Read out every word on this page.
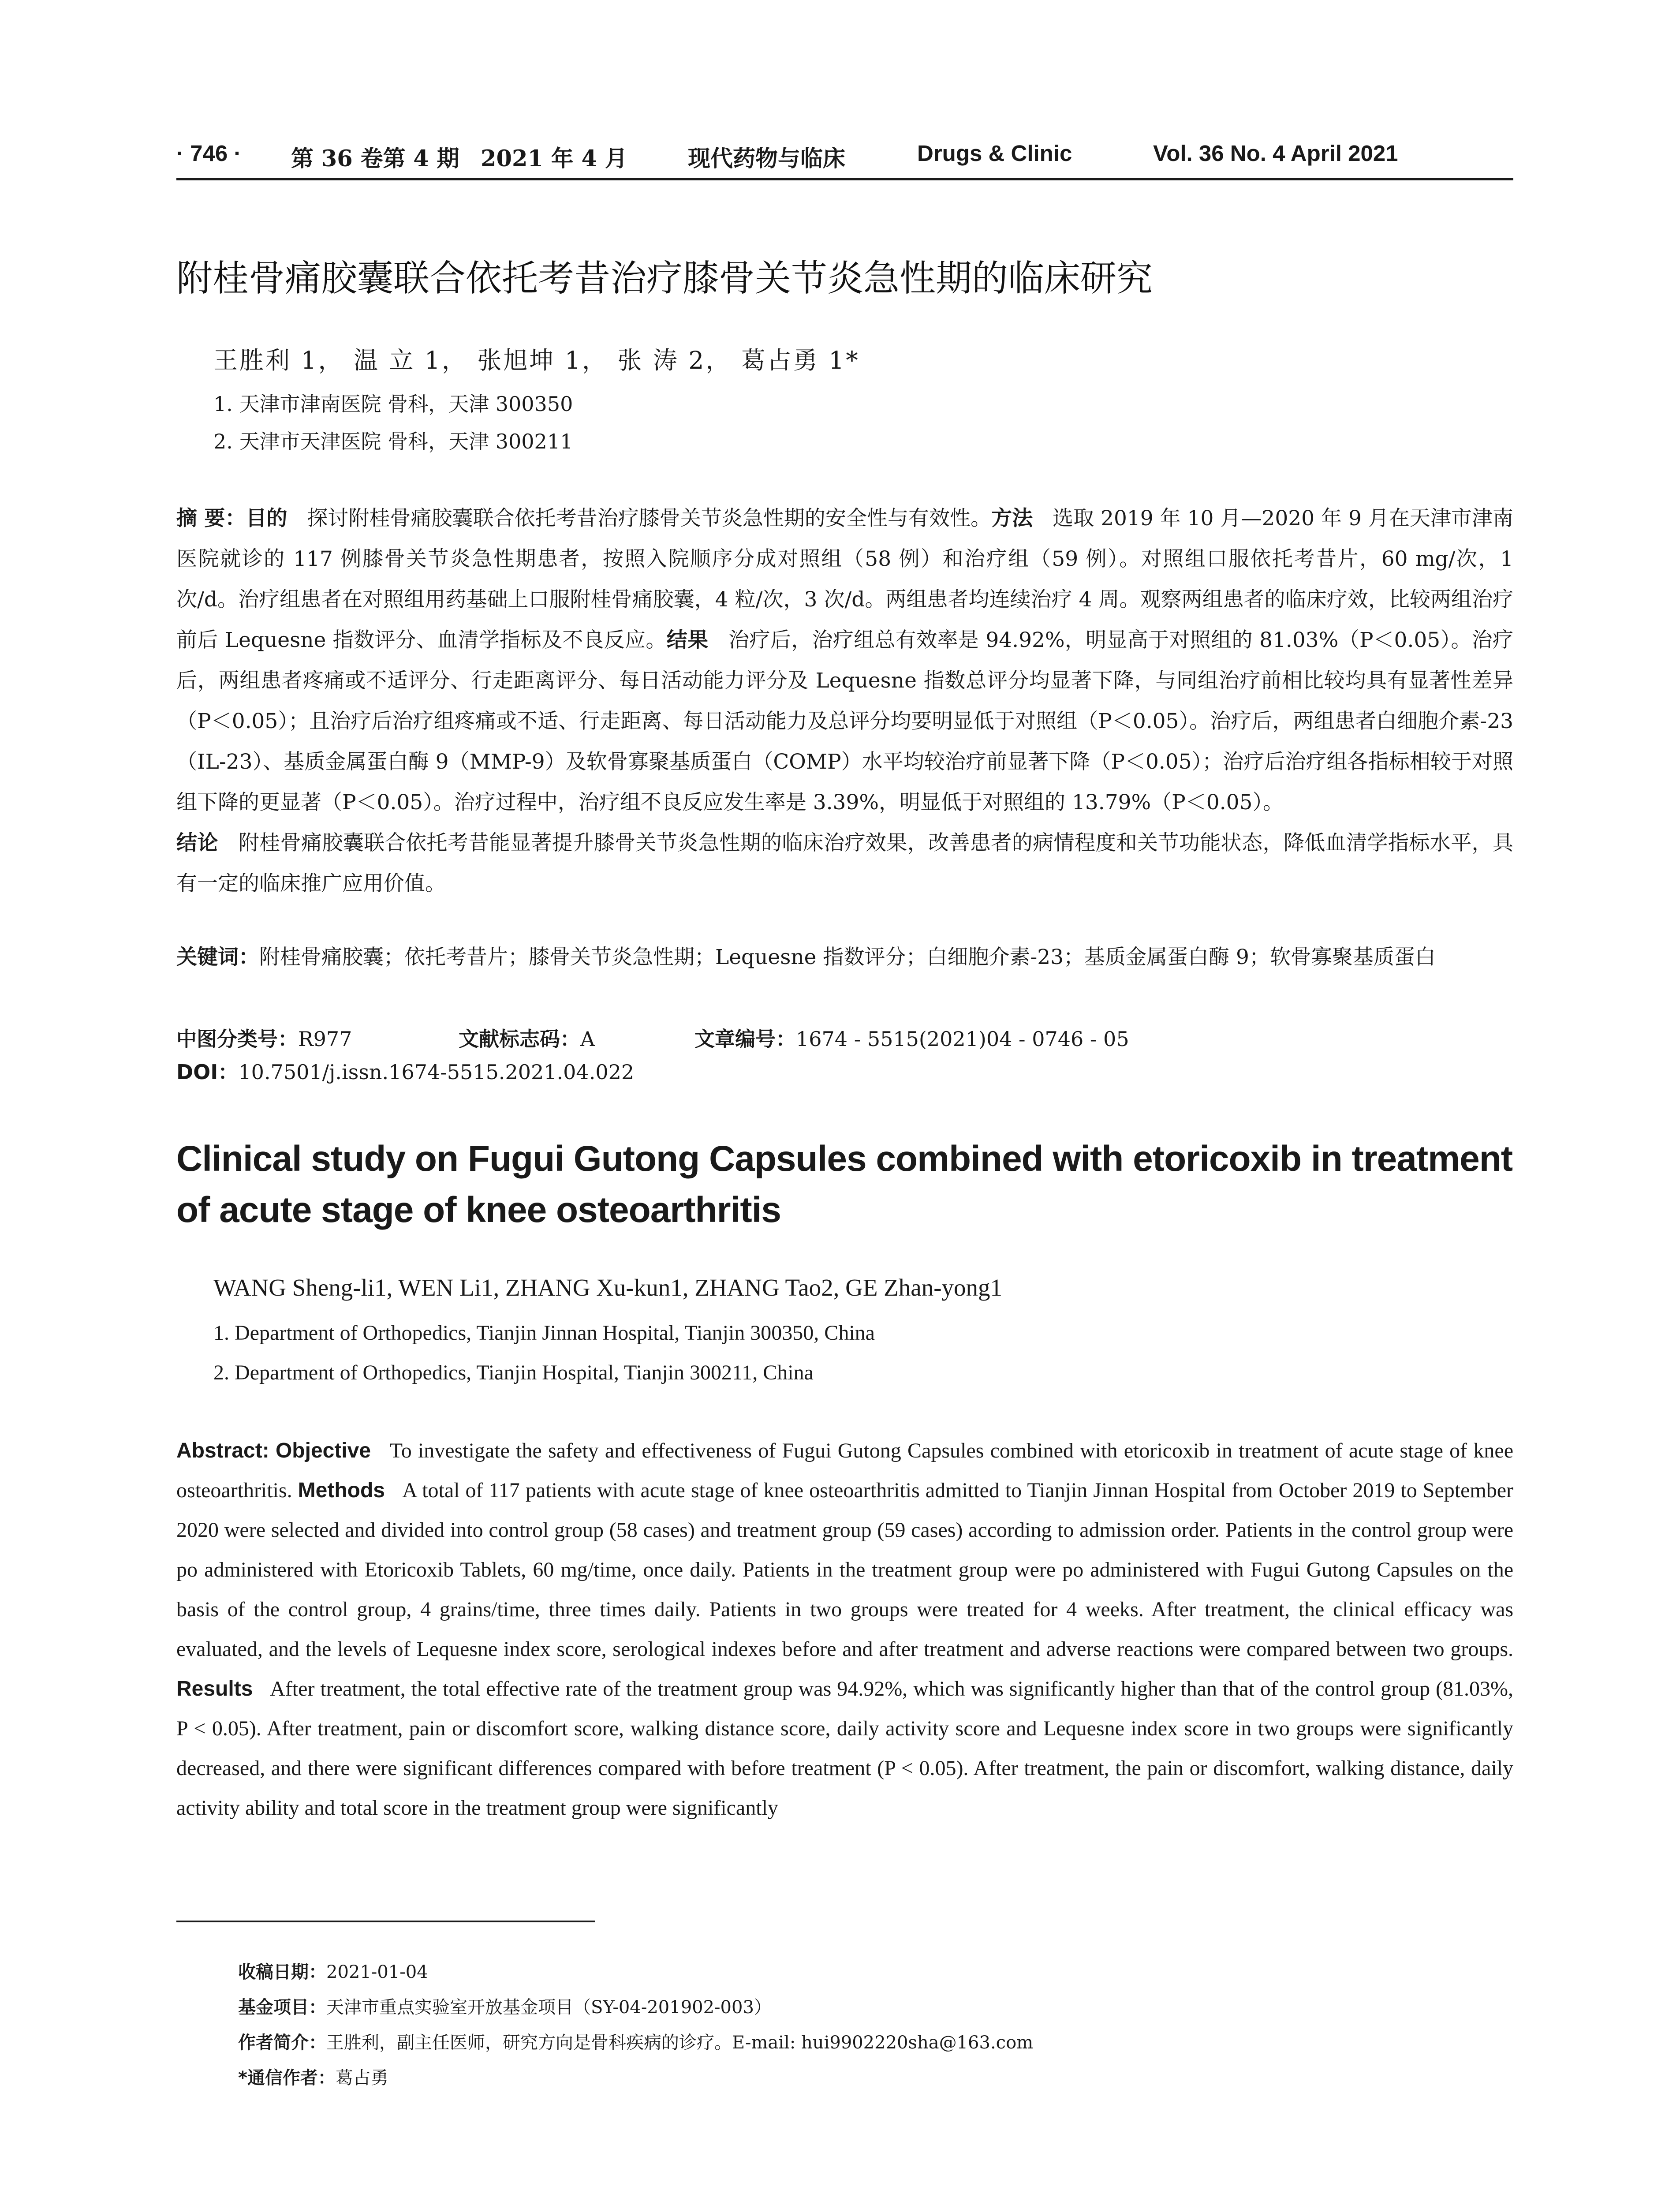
· 746 · 第 36 卷第 4 期 2021 年 4 月	现代药物与临床	Drugs & Clinic	Vol. 36 No. 4 April 2021
附桂骨痛胶囊联合依托考昔治疗膝骨关节炎急性期的临床研究
王胜利 1， 温 立 1， 张旭坤 1， 张 涛 2， 葛占勇 1*
1. 天津市津南医院 骨科，天津 300350
2. 天津市天津医院 骨科，天津 300211
摘 要：目的 探讨附桂骨痛胶囊联合依托考昔治疗膝骨关节炎急性期的安全性与有效性。方法 选取 2019 年 10 月—2020 年 9 月在天津市津南医院就诊的 117 例膝骨关节炎急性期患者，按照入院顺序分成对照组（58 例）和治疗组（59 例）。对照组口服依托考昔片，60 mg/次，1 次/d。治疗组患者在对照组用药基础上口服附桂骨痛胶囊，4 粒/次，3 次/d。两组患者均连续治疗 4 周。观察两组患者的临床疗效，比较两组治疗前后 Lequesne 指数评分、血清学指标及不良反应。结果 治疗后，治疗组总有效率是 94.92%，明显高于对照组的 81.03%（P＜0.05）。治疗后，两组患者疼痛或不适评分、行走距离评分、每日活动能力评分及 Lequesne 指数总评分均显著下降，与同组治疗前相比较均具有显著性差异（P＜0.05）；且治疗后治疗组疼痛或不适、行走距离、每日活动能力及总评分均要明显低于对照组（P＜0.05）。治疗后，两组患者白细胞介素-23（IL-23）、基质金属蛋白酶 9（MMP-9）及软骨寡聚基质蛋白（COMP）水平均较治疗前显著下降（P＜0.05）；治疗后治疗组各指标相较于对照组下降的更显著（P＜0.05）。治疗过程中，治疗组不良反应发生率是 3.39%，明显低于对照组的 13.79%（P＜0.05）。
结论 附桂骨痛胶囊联合依托考昔能显著提升膝骨关节炎急性期的临床治疗效果，改善患者的病情程度和关节功能状态，降低血清学指标水平，具有一定的临床推广应用价值。
关键词：附桂骨痛胶囊；依托考昔片；膝骨关节炎急性期；Lequesne 指数评分；白细胞介素-23；基质金属蛋白酶 9；软骨寡聚基质蛋白
中图分类号：R977	文献标志码：A	文章编号：1674 - 5515(2021)04 - 0746 - 05
DOI：10.7501/j.issn.1674-5515.2021.04.022
Clinical study on Fugui Gutong Capsules combined with etoricoxib in treatment of acute stage of knee osteoarthritis
WANG Sheng-li1, WEN Li1, ZHANG Xu-kun1, ZHANG Tao2, GE Zhan-yong1
1. Department of Orthopedics, Tianjin Jinnan Hospital, Tianjin 300350, China
2. Department of Orthopedics, Tianjin Hospital, Tianjin 300211, China
Abstract: Objective To investigate the safety and effectiveness of Fugui Gutong Capsules combined with etoricoxib in treatment of acute stage of knee osteoarthritis. Methods A total of 117 patients with acute stage of knee osteoarthritis admitted to Tianjin Jinnan Hospital from October 2019 to September 2020 were selected and divided into control group (58 cases) and treatment group (59 cases) according to admission order. Patients in the control group were po administered with Etoricoxib Tablets, 60 mg/time, once daily. Patients in the treatment group were po administered with Fugui Gutong Capsules on the basis of the control group, 4 grains/time, three times daily. Patients in two groups were treated for 4 weeks. After treatment, the clinical efficacy was evaluated, and the levels of Lequesne index score, serological indexes before and after treatment and adverse reactions were compared between two groups. Results After treatment, the total effective rate of the treatment group was 94.92%, which was significantly higher than that of the control group (81.03%, P < 0.05). After treatment, pain or discomfort score, walking distance score, daily activity score and Lequesne index score in two groups were significantly decreased, and there were significant differences compared with before treatment (P < 0.05). After treatment, the pain or discomfort, walking distance, daily activity ability and total score in the treatment group were significantly
收稿日期：2021-01-04
基金项目：天津市重点实验室开放基金项目（SY-04-201902-003）
作者简介：王胜利，副主任医师，研究方向是骨科疾病的诊疗。E-mail: hui9902220sha@163.com
*通信作者：葛占勇
